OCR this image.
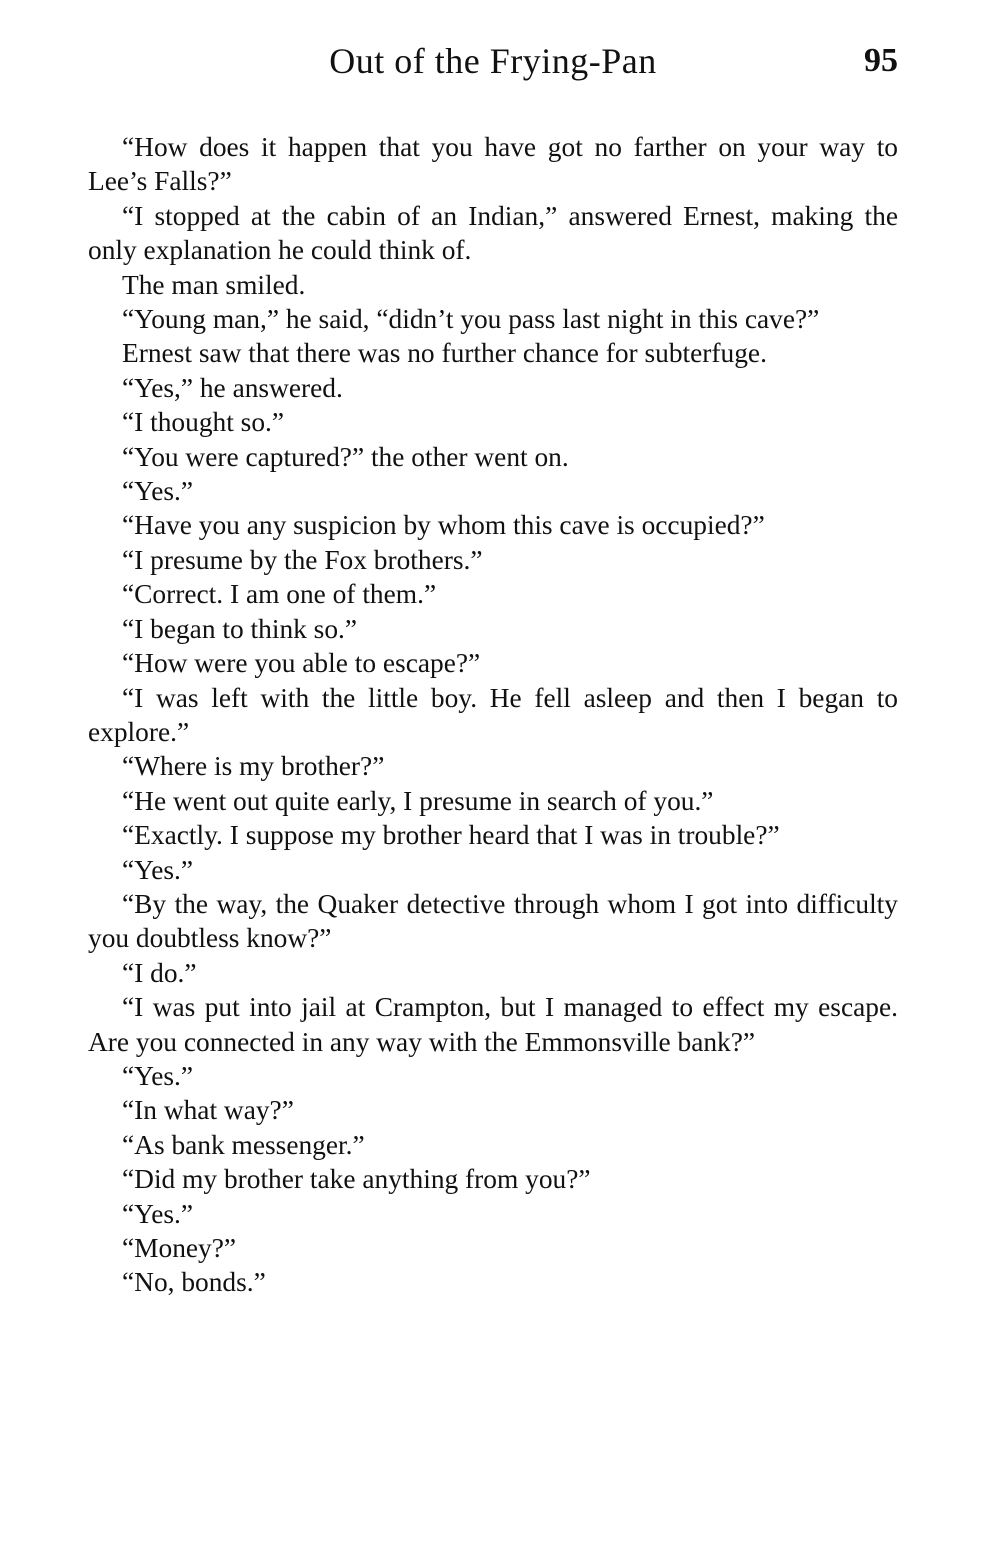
Out of the Frying-Pan	95

“How does it happen that you have got no farther on your way to Lee’s Falls?”

“I stopped at the cabin of an Indian,” answered Ernest, making the only explanation he could think of.

The man smiled.

“Young man,” he said, “didn’t you pass last night in this cave?”

Ernest saw that there was no further chance for subterfuge.

“Yes,” he answered.

“I thought so.”

“You were captured?” the other went on.

“Yes.”

“Have you any suspicion by whom this cave is occupied?”

“I presume by the Fox brothers.”

“Correct. I am one of them.”

“I began to think so.”

“How were you able to escape?”

“I was left with the little boy. He fell asleep and then I began to explore.”

“Where is my brother?”

“He went out quite early, I presume in search of you.”

“Exactly. I suppose my brother heard that I was in trouble?”

“Yes.”

“By the way, the Quaker detective through whom I got into difficulty you doubtless know?”

“I do.”

“I was put into jail at Crampton, but I managed to effect my escape. Are you connected in any way with the Emmonsville bank?”

“Yes.”

“In what way?”

“As bank messenger.”

“Did my brother take anything from you?”

“Yes.”

“Money?”

“No, bonds.”
